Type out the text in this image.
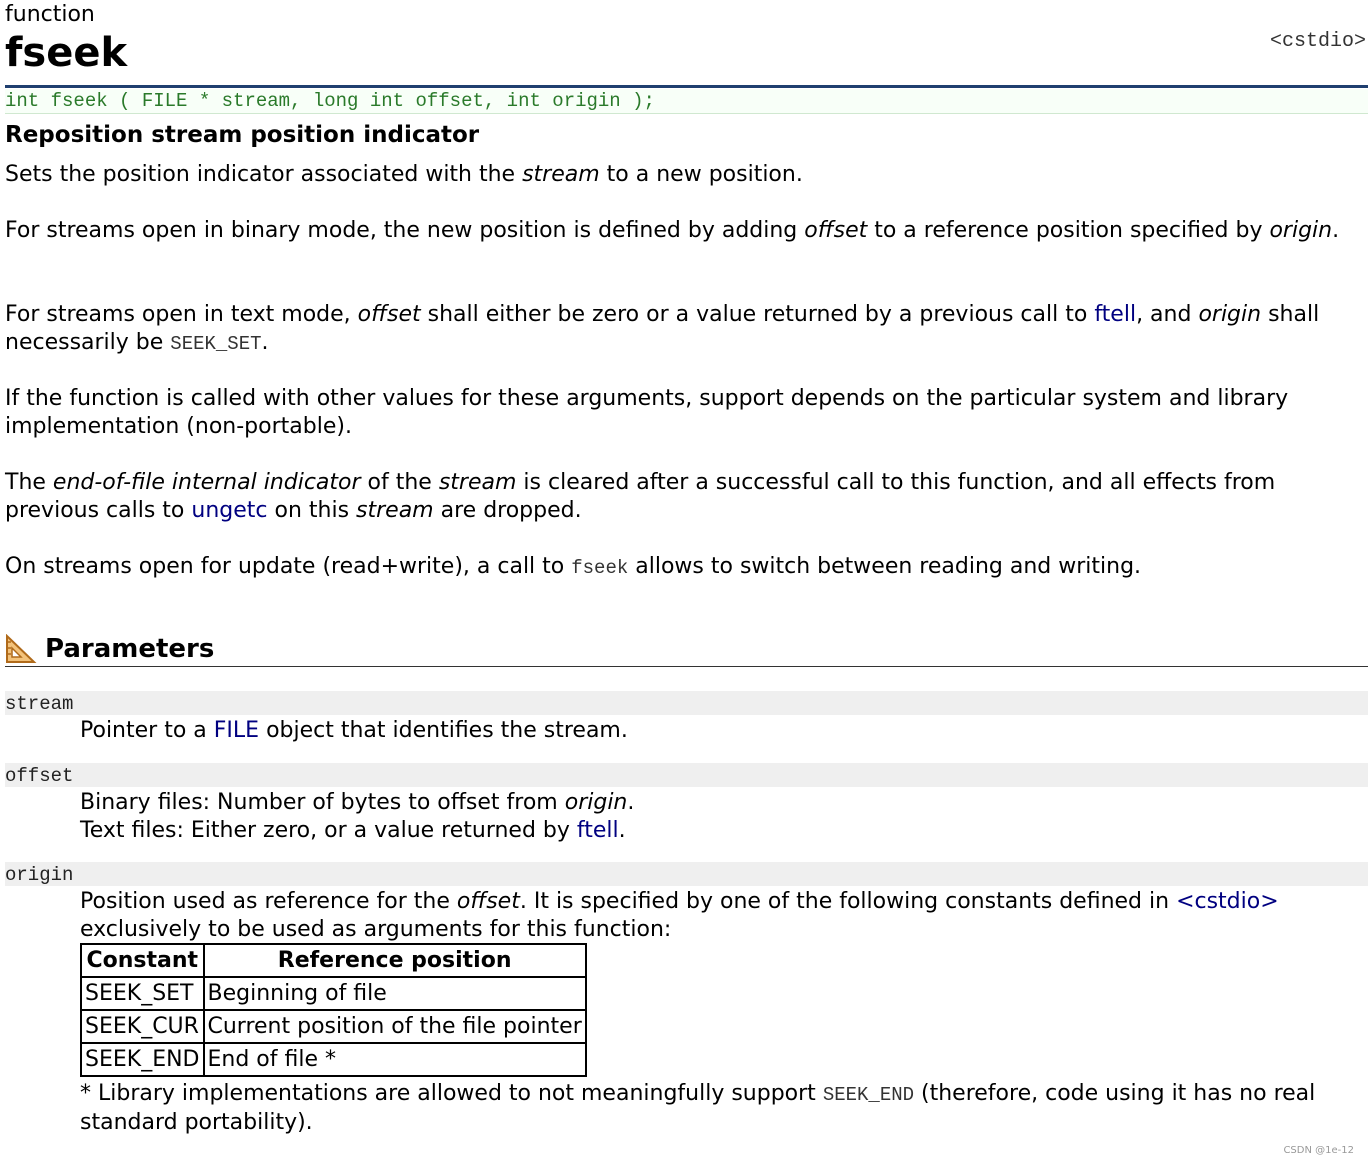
function
fseek	<cstdio>
int fseek ( FILE * stream, long int offset, int origin );
Reposition stream position indicator
Sets the position indicator associated with the stream to a new position.
For streams open in binary mode, the new position is defined by adding offset to a reference position specified by origin.
For streams open in text mode, offset shall either be zero or a value returned by a previous call to ftell, and origin shall necessarily be SEEK_SET.
If the function is called with other values for these arguments, support depends on the particular system and library implementation (non-portable).
The end-of-file internal indicator of the stream is cleared after a successful call to this function, and all effects from previous calls to ungetc on this stream are dropped.
On streams open for update (read+write), a call to fseek allows to switch between reading and writing.
Parameters
stream
Pointer to a FILE object that identifies the stream.
offset
Binary files: Number of bytes to offset from origin.
Text files: Either zero, or a value returned by ftell.
origin
Position used as reference for the offset. It is specified by one of the following constants defined in <cstdio> exclusively to be used as arguments for this function:
Constant	Reference position
SEEK_SET	Beginning of file
SEEK_CUR	Current position of the file pointer
SEEK_END	End of file *
* Library implementations are allowed to not meaningfully support SEEK_END (therefore, code using it has no real standard portability).
CSDN @1e-12
